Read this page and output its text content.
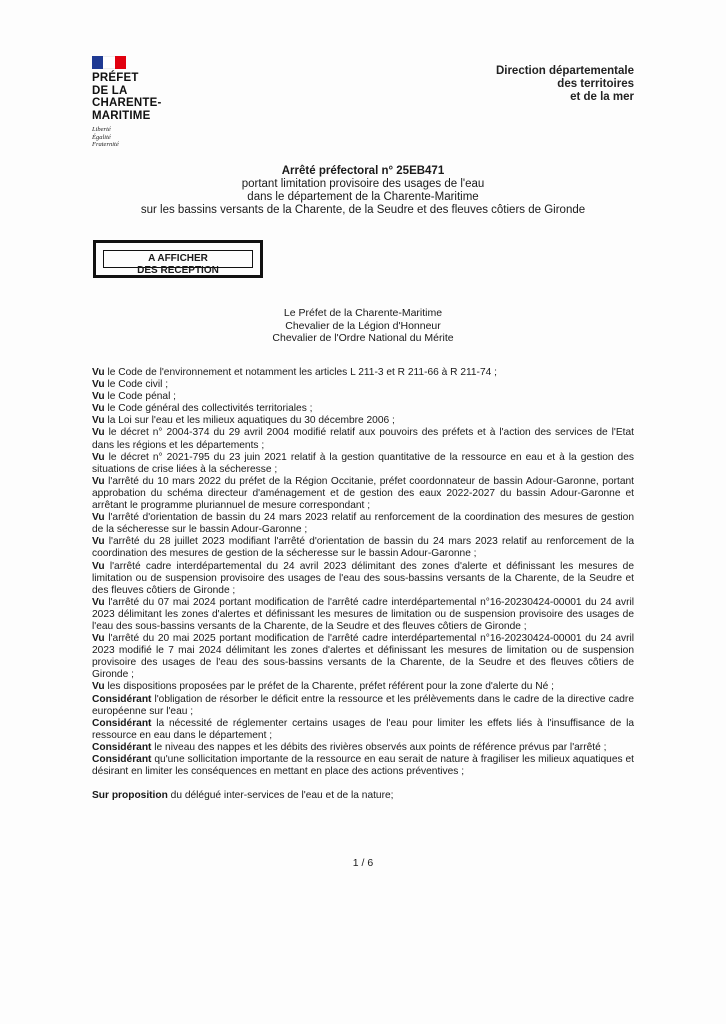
PRÉFET
DE LA
CHARENTE-
MARITIME
Liberté
Égalité
Fraternité
Direction départementale
des territoires
et de la mer
Arrêté préfectoral n° 25EB471
portant limitation provisoire des usages de l'eau
dans le département de la Charente-Maritime
sur les bassins versants de la Charente, de la Seudre et des fleuves côtiers de Gironde
A AFFICHER
DES RECEPTION
Le Préfet de la Charente-Maritime
Chevalier de la Légion d'Honneur
Chevalier de l'Ordre National du Mérite

Vu le Code de l'environnement et notamment les articles L 211-3 et R 211-66 à R 211-74 ;

Vu le Code civil ;

Vu le Code pénal ;

Vu le Code général des collectivités territoriales ;

Vu la Loi sur l'eau et les milieux aquatiques du 30 décembre 2006 ;

Vu le décret n° 2004-374 du 29 avril 2004 modifié relatif aux pouvoirs des préfets et à l'action des services de l'Etat dans les régions et les départements ;

Vu le décret n° 2021-795 du 23 juin 2021 relatif à la gestion quantitative de la ressource en eau et à la gestion des situations de crise liées à la sécheresse ;

Vu l'arrêté du 10 mars 2022 du préfet de la Région Occitanie, préfet coordonnateur de bassin Adour-Garonne, portant approbation du schéma directeur d'aménagement et de gestion des eaux 2022-2027 du bassin Adour-Garonne et arrêtant le programme pluriannuel de mesure correspondant ;

Vu l'arrêté d'orientation de bassin du 24 mars 2023 relatif au renforcement de la coordination des mesures de gestion de la sécheresse sur le bassin Adour-Garonne ;

Vu l'arrêté du 28 juillet 2023 modifiant l'arrêté d'orientation de bassin du 24 mars 2023 relatif au renforcement de la coordination des mesures de gestion de la sécheresse sur le bassin Adour-Garonne ;

Vu l'arrêté cadre interdépartemental du 24 avril 2023 délimitant des zones d'alerte et définissant les mesures de limitation ou de suspension provisoire des usages de l'eau des sous-bassins versants de la Charente, de la Seudre et des fleuves côtiers de Gironde ;

Vu l'arrêté du 07 mai 2024 portant modification de l'arrêté cadre interdépartemental n°16-20230424-00001 du 24 avril 2023 délimitant les zones d'alertes et définissant les mesures de limitation ou de suspension provisoire des usages de l'eau des sous-bassins versants de la Charente, de la Seudre et des fleuves côtiers de Gironde ;

Vu l'arrêté du 20 mai 2025 portant modification de l'arrêté cadre interdépartemental n°16-20230424-00001 du 24 avril 2023 modifié le 7 mai 2024 délimitant les zones d'alertes et définissant les mesures de limitation ou de suspension provisoire des usages de l'eau des sous-bassins versants de la Charente, de la Seudre et des fleuves côtiers de Gironde ;

Vu les dispositions proposées par le préfet de la Charente, préfet référent pour la zone d'alerte du Né ;

Considérant l'obligation de résorber le déficit entre la ressource et les prélèvements dans le cadre de la directive cadre européenne sur l'eau ;

Considérant la nécessité de réglementer certains usages de l'eau pour limiter les effets liés à l'insuffisance de la ressource en eau dans le département ;

Considérant le niveau des nappes et les débits des rivières observés aux points de référence prévus par l'arrêté ;

Considérant qu'une sollicitation importante de la ressource en eau serait de nature à fragiliser les milieux aquatiques et désirant en limiter les conséquences en mettant en place des actions préventives ;

Sur proposition du délégué inter-services de l'eau et de la nature;

1 / 6
